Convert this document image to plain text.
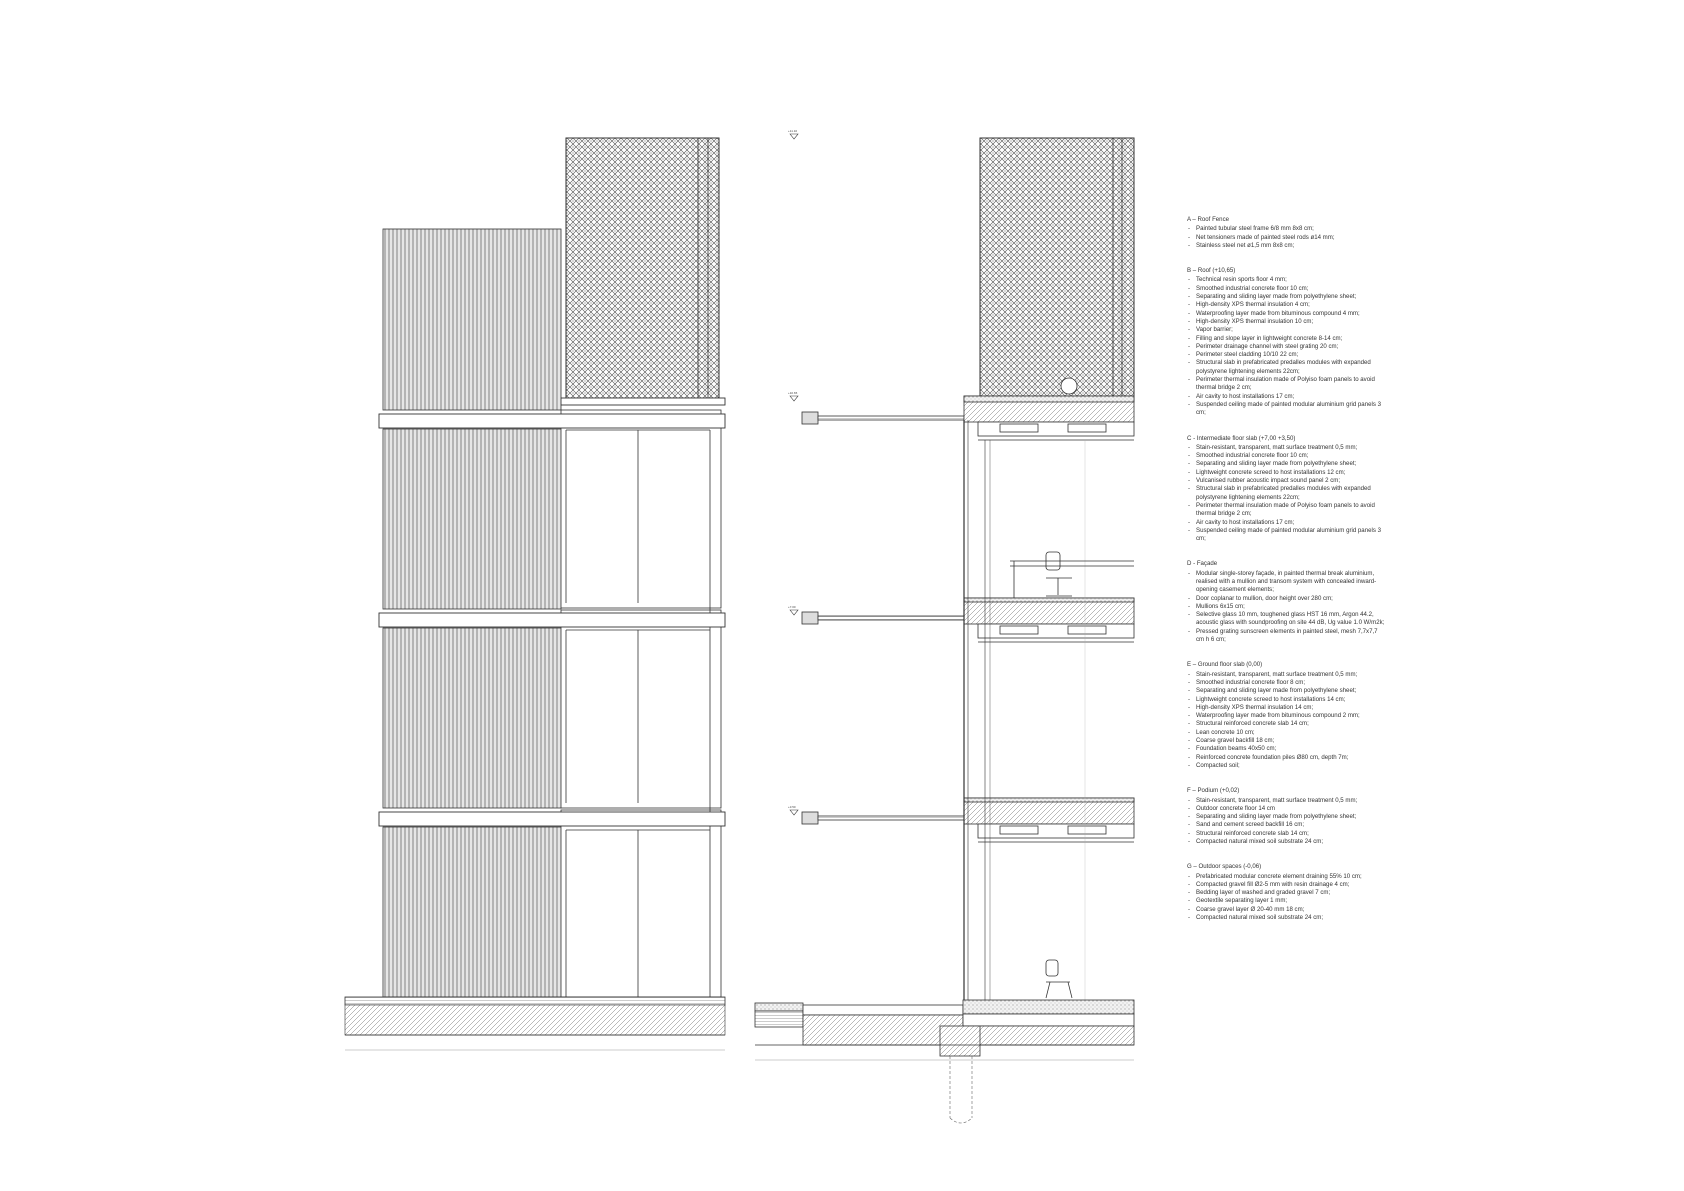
+11.10
+10.65
+7.00
+3.50
A – Roof Fence
- Painted tubular steel frame 6/8 mm 8x8 cm;
- Net tensioners made of painted steel rods ø14 mm;
- Stainless steel net ø1,5 mm 8x8 cm;
B – Roof (+10,65)
- Technical resin sports floor 4 mm;
- Smoothed industrial concrete floor 10 cm;
- Separating and sliding layer made from polyethylene sheet;
- High-density XPS thermal insulation 4 cm;
- Waterproofing layer made from bituminous compound 4 mm;
- High-density XPS thermal insulation 10 cm;
- Vapor barrier;
- Filling and slope layer in lightweight concrete 8-14 cm;
- Perimeter drainage channel with steel grating 20 cm;
- Perimeter steel cladding 10/10 22 cm;
- Structural slab in prefabricated predalles modules with expanded polystyrene lightening elements 22cm;
- Perimeter thermal insulation made of Polyiso foam panels to avoid thermal bridge 2 cm;
- Air cavity to host installations 17 cm;
- Suspended ceiling made of painted modular aluminium grid panels 3 cm;
C - Intermediate floor slab (+7,00 +3,50)
- Stain-resistant, transparent, matt surface treatment 0,5 mm;
- Smoothed industrial concrete floor 10 cm;
- Separating and sliding layer made from polyethylene sheet;
- Lightweight concrete screed to host installations 12 cm;
- Vulcanised rubber acoustic impact sound panel 2 cm;
- Structural slab in prefabricated predalles modules with expanded polystyrene lightening elements 22cm;
- Perimeter thermal insulation made of Polyiso foam panels to avoid thermal bridge 2 cm;
- Air cavity to host installations 17 cm;
- Suspended ceiling made of painted modular aluminium grid panels 3 cm;
D - Façade
- Modular single-storey façade, in painted thermal break aluminium, realised with a mullion and transom system with concealed inward-opening casement elements;
- Door coplanar to mullion, door height over 280 cm;
- Mullions 6x15 cm;
- Selective glass 10 mm, toughened glass HST 16 mm, Argon 44.2, acoustic glass with soundproofing on site 44 dB, Ug value 1.0 W/m2k;
- Pressed grating sunscreen elements in painted steel, mesh 7,7x7,7 cm h 6 cm;
E – Ground floor slab (0,00)
- Stain-resistant, transparent, matt surface treatment 0,5 mm;
- Smoothed industrial concrete floor 8 cm;
- Separating and sliding layer made from polyethylene sheet;
- Lightweight concrete screed to host installations 14 cm;
- High-density XPS thermal insulation 14 cm;
- Waterproofing layer made from bituminous compound 2 mm;
- Structural reinforced concrete slab 14 cm;
- Lean concrete 10 cm;
- Coarse gravel backfill 18 cm;
- Foundation beams 40x50 cm;
- Reinforced concrete foundation piles Ø80 cm, depth 7m;
- Compacted soil;
F – Podium (+0,02)
- Stain-resistant, transparent, matt surface treatment 0,5 mm;
- Outdoor concrete floor 14 cm
- Separating and sliding layer made from polyethylene sheet;
- Sand and cement screed backfill 16 cm;
- Structural reinforced concrete slab 14 cm;
- Compacted natural mixed soil substrate 24 cm;
G – Outdoor spaces (-0,06)
- Prefabricated modular concrete element draining 55% 10 cm;
- Compacted gravel fill Ø2-5 mm with resin drainage 4 cm;
- Bedding layer of washed and graded gravel 7 cm;
- Geotextile separating layer 1 mm;
- Coarse gravel layer Ø 20-40 mm 18 cm;
- Compacted natural mixed soil substrate 24 cm;
